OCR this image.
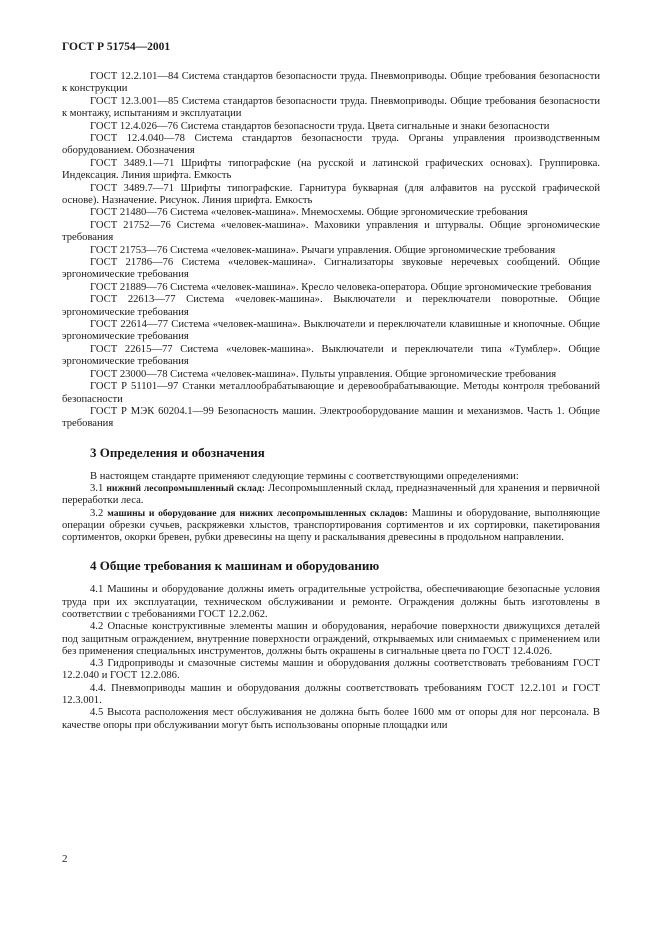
ГОСТ Р 51754—2001

ГОСТ 12.2.101—84 Система стандартов безопасности труда. Пневмоприводы. Общие требования безопасности к конструкции

ГОСТ 12.3.001—85 Система стандартов безопасности труда. Пневмоприводы. Общие требования безопасности к монтажу, испытаниям и эксплуатации

ГОСТ 12.4.026—76 Система стандартов безопасности труда. Цвета сигнальные и знаки безопасности

ГОСТ 12.4.040—78 Система стандартов безопасности труда. Органы управления производственным оборудованием. Обозначения

ГОСТ 3489.1—71 Шрифты типографские (на русской и латинской графических основах). Группировка. Индексация. Линия шрифта. Емкость

ГОСТ 3489.7—71 Шрифты типографские. Гарнитура букварная (для алфавитов на русской графической основе). Назначение. Рисунок. Линия шрифта. Емкость

ГОСТ 21480—76 Система «человек-машина». Мнемосхемы. Общие эргономические требования

ГОСТ 21752—76 Система «человек-машина». Маховики управления и штурвалы. Общие эргономические требования

ГОСТ 21753—76 Система «человек-машина». Рычаги управления. Общие эргономические требования

ГОСТ 21786—76 Система «человек-машина». Сигнализаторы звуковые неречевых сообщений. Общие эргономические требования

ГОСТ 21889—76 Система «человек-машина». Кресло человека-оператора. Общие эргономические требования

ГОСТ 22613—77 Система «человек-машина». Выключатели и переключатели поворотные. Общие эргономические требования

ГОСТ 22614—77 Система «человек-машина». Выключатели и переключатели клавишные и кнопочные. Общие эргономические требования

ГОСТ 22615—77 Система «человек-машина». Выключатели и переключатели типа «Тумблер». Общие эргономические требования

ГОСТ 23000—78 Система «человек-машина». Пульты управления. Общие эргономические требования

ГОСТ Р 51101—97 Станки металлообрабатывающие и деревообрабатывающие. Методы контроля требований безопасности

ГОСТ Р МЭК 60204.1—99 Безопасность машин. Электрооборудование машин и механизмов. Часть 1. Общие требования

3 Определения и обозначения

В настоящем стандарте применяют следующие термины с соответствующими определениями:

3.1 нижний лесопромышленный склад: Лесопромышленный склад, предназначенный для хранения и первичной переработки леса.

3.2 машины и оборудование для нижних лесопромышленных складов: Машины и оборудование, выполняющие операции обрезки сучьев, раскряжевки хлыстов, транспортирования сортиментов и их сортировки, пакетирования сортиментов, окорки бревен, рубки древесины на щепу и раскалывания древесины в продольном направлении.

4 Общие требования к машинам и оборудованию

4.1 Машины и оборудование должны иметь оградительные устройства, обеспечивающие безопасные условия труда при их эксплуатации, техническом обслуживании и ремонте. Ограждения должны быть изготовлены в соответствии с требованиями ГОСТ 12.2.062.

4.2 Опасные конструктивные элементы машин и оборудования, нерабочие поверхности движущихся деталей под защитным ограждением, внутренние поверхности ограждений, открываемых или снимаемых с применением или без применения специальных инструментов, должны быть окрашены в сигнальные цвета по ГОСТ 12.4.026.

4.3 Гидроприводы и смазочные системы машин и оборудования должны соответствовать требованиям ГОСТ 12.2.040 и ГОСТ 12.2.086.

4.4. Пневмоприводы машин и оборудования должны соответствовать требованиям ГОСТ 12.2.101 и ГОСТ 12.3.001.

4.5 Высота расположения мест обслуживания не должна быть более 1600 мм от опоры для ног персонала. В качестве опоры при обслуживании могут быть использованы опорные площадки или

2
